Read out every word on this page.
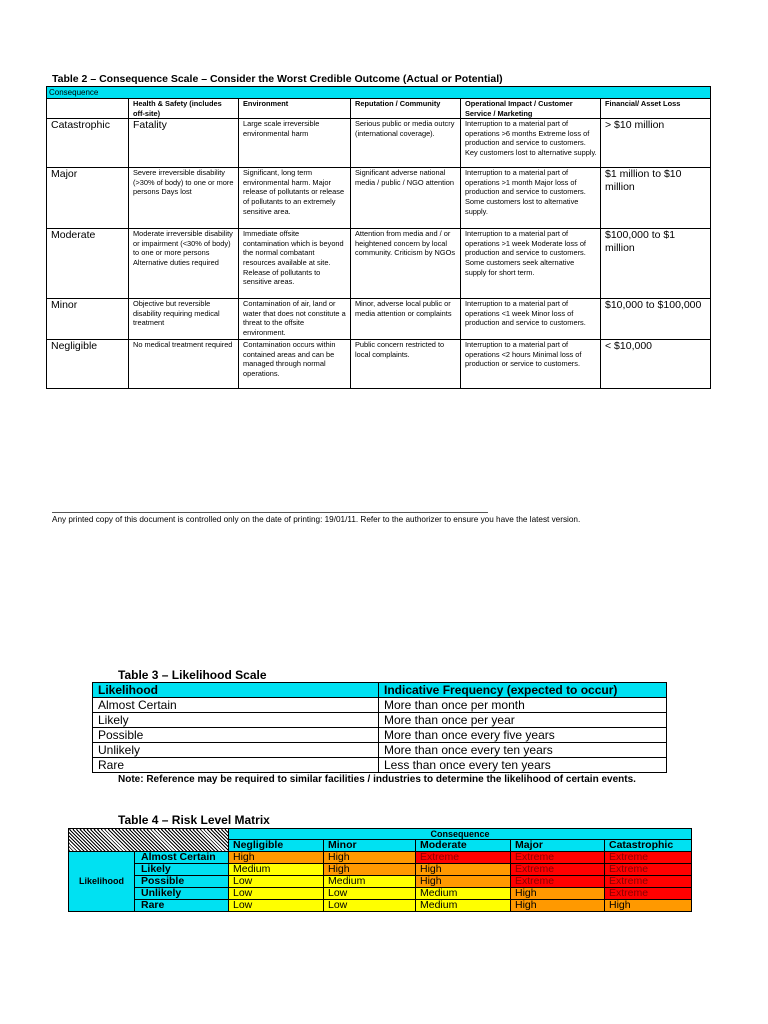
Table 2 – Consequence Scale – Consider the Worst Credible Outcome (Actual or Potential)
Consequence					
	Health & Safety (includes off-site)	Environment	Reputation / Community	Operational Impact / Customer Service / Marketing	Financial/ Asset Loss
Catastrophic	Fatality	Large scale irreversible environmental harm	Serious public or media outcry (international coverage).	Interruption to a material part of operations >6 months Extreme loss of production and service to customers. Key customers lost to alternative supply.	> $10 million
Major	Severe irreversible disability (>30% of body) to one or more persons Days lost	Significant, long term environmental harm. Major release of pollutants or release of pollutants to an extremely sensitive area.	Significant adverse national media / public / NGO attention	Interruption to a material part of operations >1 month Major loss of production and service to customers. Some customers lost to alternative supply.	$1 million to $10 million
Moderate	Moderate irreversible disability or impairment (<30% of body) to one or more persons Alternative duties required	Immediate offsite contamination which is beyond the normal combatant resources available at site. Release of pollutants to sensitive areas.	Attention from media and / or heightened concern by local community. Criticism by NGOs	Interruption to a material part of operations >1 week Moderate loss of production and service to customers. Some customers seek alternative supply for short term.	$100,000 to $1 million
Minor	Objective but reversible disability requiring medical treatment	Contamination of air, land or water that does not constitute a threat to the offsite environment.	Minor, adverse local public or media attention or complaints	Interruption to a material part of operations <1 week Minor loss of production and service to customers.	$10,000 to $100,000
Negligible	No medical treatment required	Contamination occurs within contained areas and can be managed through normal operations.	Public concern restricted to local complaints.	Interruption to a material part of operations <2 hours Minimal loss of production or service to customers.	< $10,000
Any printed copy of this document is controlled only on the date of printing: 19/01/11. Refer to the authorizer to ensure you have the latest version.
Table 3 – Likelihood Scale
Likelihood	Indicative Frequency (expected to occur)
Almost Certain	More than once per month
Likely	More than once per year
Possible	More than once every five years
Unlikely	More than once every ten years
Rare	Less than once every ten years
Note: Reference may be required to similar facilities / industries to determine the likelihood of certain events.
Table 4 – Risk Level Matrix
		Consequence				
		Negligible	Minor	Moderate	Major	Catastrophic
Likelihood	Almost Certain	High	High	Extreme	Extreme	Extreme
	Likely	Medium	High	High	Extreme	Extreme
	Possible	Low	Medium	High	Extreme	Extreme
	Unlikely	Low	Low	Medium	High	Extreme
	Rare	Low	Low	Medium	High	High
